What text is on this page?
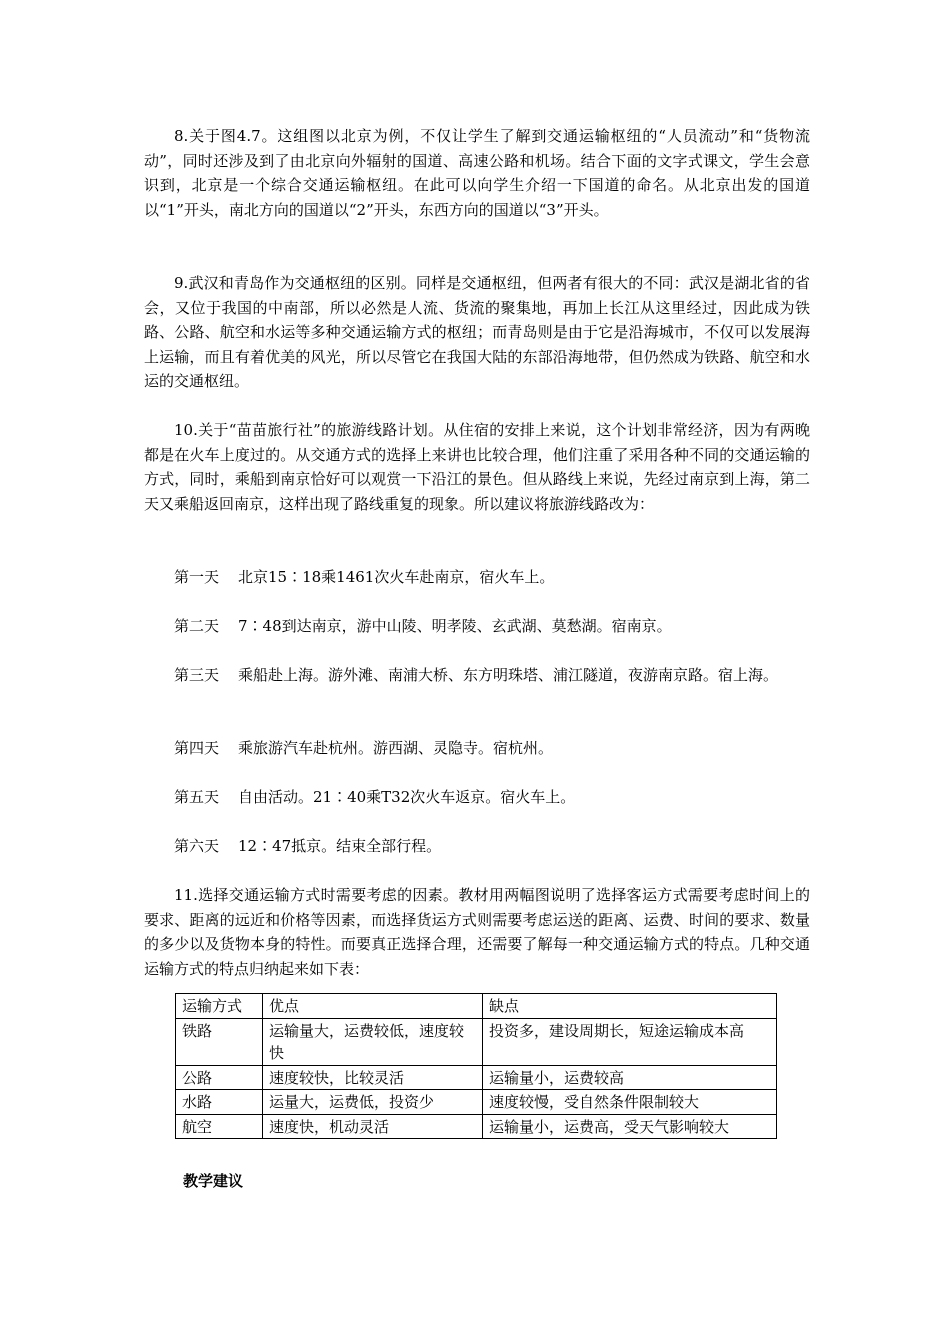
8.关于图4.7。这组图以北京为例，不仅让学生了解到交通运输枢纽的“人员流动”和“货物流动”，同时还涉及到了由北京向外辐射的国道、高速公路和机场。结合下面的文字式课文，学生会意识到，北京是一个综合交通运输枢纽。在此可以向学生介绍一下国道的命名。从北京出发的国道以“1”开头，南北方向的国道以“2”开头，东西方向的国道以“3”开头。

9.武汉和青岛作为交通枢纽的区别。同样是交通枢纽，但两者有很大的不同：武汉是湖北省的省会，又位于我国的中南部，所以必然是人流、货流的聚集地，再加上长江从这里经过，因此成为铁路、公路、航空和水运等多种交通运输方式的枢纽；而青岛则是由于它是沿海城市，不仅可以发展海上运输，而且有着优美的风光，所以尽管它在我国大陆的东部沿海地带，但仍然成为铁路、航空和水运的交通枢纽。

10.关于“苗苗旅行社”的旅游线路计划。从住宿的安排上来说，这个计划非常经济，因为有两晚都是在火车上度过的。从交通方式的选择上来讲也比较合理，他们注重了采用各种不同的交通运输的方式，同时，乘船到南京恰好可以观赏一下沿江的景色。但从路线上来说，先经过南京到上海，第二天又乘船返回南京，这样出现了路线重复的现象。所以建议将旅游线路改为：

第一天 北京15∶18乘1461次火车赴南京，宿火车上。

第二天 7∶48到达南京，游中山陵、明孝陵、玄武湖、莫愁湖。宿南京。

第三天 乘船赴上海。游外滩、南浦大桥、东方明珠塔、浦江隧道，夜游南京路。宿上海。

第四天 乘旅游汽车赴杭州。游西湖、灵隐寺。宿杭州。

第五天 自由活动。21∶40乘T32次火车返京。宿火车上。

第六天 12∶47抵京。结束全部行程。

11.选择交通运输方式时需要考虑的因素。教材用两幅图说明了选择客运方式需要考虑时间上的要求、距离的远近和价格等因素，而选择货运方式则需要考虑运送的距离、运费、时间的要求、数量的多少以及货物本身的特性。而要真正选择合理，还需要了解每一种交通运输方式的特点。几种交通运输方式的特点归纳起来如下表：

运输方式	优点	缺点
铁路	运输量大，运费较低，速度较快	投资多，建设周期长，短途运输成本高
公路	速度较快，比较灵活	运输量小，运费较高
水路	运量大，运费低，投资少	速度较慢，受自然条件限制较大
航空	速度快，机动灵活	运输量小，运费高，受天气影响较大

教学建议
